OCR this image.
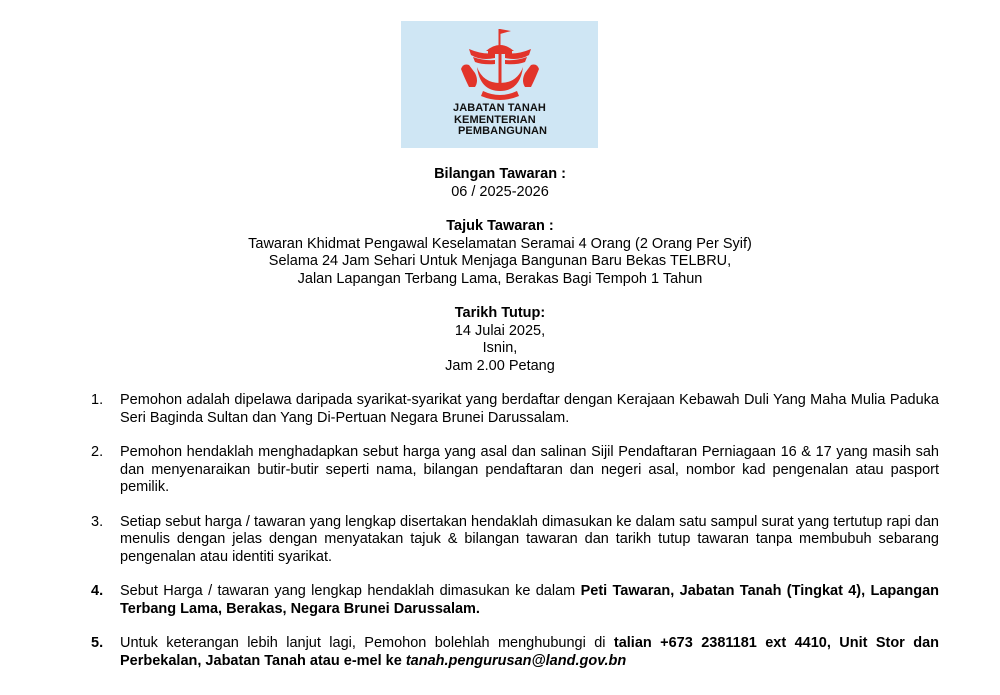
JABATAN TANAH
KEMENTERIAN
PEMBANGUNAN
Bilangan Tawaran :
06 / 2025-2026
Tajuk Tawaran :
Tawaran Khidmat Pengawal Keselamatan Seramai 4 Orang (2 Orang Per Syif)
Selama 24 Jam Sehari Untuk Menjaga Bangunan Baru Bekas TELBRU,
Jalan Lapangan Terbang Lama, Berakas Bagi Tempoh 1 Tahun
Tarikh Tutup:
14 Julai 2025,
Isnin,
Jam 2.00 Petang
1.	Pemohon adalah dipelawa daripada syarikat-syarikat yang berdaftar dengan Kerajaan Kebawah Duli Yang Maha Mulia Paduka Seri Baginda Sultan dan Yang Di-Pertuan Negara Brunei Darussalam.
2.	Pemohon hendaklah menghadapkan sebut harga yang asal dan salinan Sijil Pendaftaran Perniagaan 16 & 17 yang masih sah dan menyenaraikan butir-butir seperti nama, bilangan pendaftaran dan negeri asal, nombor kad pengenalan atau pasport pemilik.
3.	Setiap sebut harga / tawaran yang lengkap disertakan hendaklah dimasukan ke dalam satu sampul surat yang tertutup rapi dan menulis dengan jelas dengan menyatakan tajuk & bilangan tawaran dan tarikh tutup tawaran tanpa membubuh sebarang pengenalan atau identiti syarikat.
4.	Sebut Harga / tawaran yang lengkap hendaklah dimasukan ke dalam Peti Tawaran, Jabatan Tanah (Tingkat 4), Lapangan Terbang Lama, Berakas, Negara Brunei Darussalam.
5.	Untuk keterangan lebih lanjut lagi, Pemohon bolehlah menghubungi di talian +673 2381181 ext 4410, Unit Stor dan Perbekalan, Jabatan Tanah atau e-mel ke tanah.pengurusan@land.gov.bn
